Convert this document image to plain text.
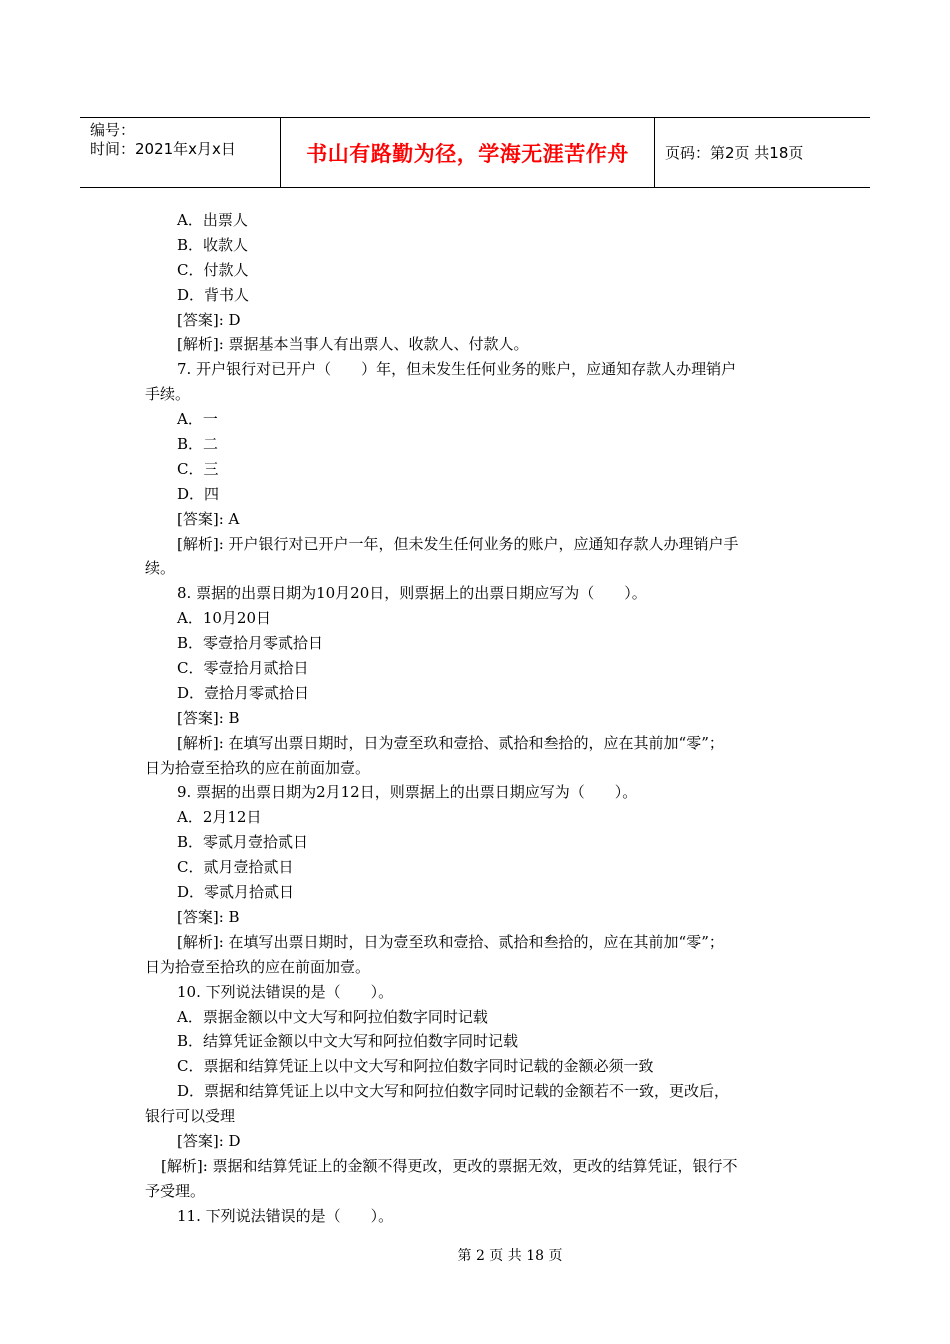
编号：
时间：2021年x月x日	书山有路勤为径，学海无涯苦作舟	页码：第2页 共18页
A．出票人
B．收款人
C．付款人
D．背书人
[答案]: D
[解析]: 票据基本当事人有出票人、收款人、付款人。
7. 开户银行对已开户（　　）年，但未发生任何业务的账户，应通知存款人办理销户
手续。
A．一
B．二
C．三
D．四
[答案]: A
[解析]: 开户银行对已开户一年，但未发生任何业务的账户，应通知存款人办理销户手
续。
8. 票据的出票日期为10月20日，则票据上的出票日期应写为（　　）。
A．10月20日
B．零壹拾月零贰拾日
C．零壹拾月贰拾日
D．壹拾月零贰拾日
[答案]: B
[解析]: 在填写出票日期时，日为壹至玖和壹拾、贰拾和叁拾的，应在其前加“零”；
日为拾壹至拾玖的应在前面加壹。
9. 票据的出票日期为2月12日，则票据上的出票日期应写为（　　）。
A．2月12日
B．零贰月壹拾贰日
C．贰月壹拾贰日
D．零贰月拾贰日
[答案]: B
[解析]: 在填写出票日期时，日为壹至玖和壹拾、贰拾和叁拾的，应在其前加“零”；
日为拾壹至拾玖的应在前面加壹。
10. 下列说法错误的是（　　）。
A．票据金额以中文大写和阿拉伯数字同时记载
B．结算凭证金额以中文大写和阿拉伯数字同时记载
C．票据和结算凭证上以中文大写和阿拉伯数字同时记载的金额必须一致
D．票据和结算凭证上以中文大写和阿拉伯数字同时记载的金额若不一致，更改后，
银行可以受理
[答案]: D
[解析]: 票据和结算凭证上的金额不得更改，更改的票据无效，更改的结算凭证，银行不
予受理。
11. 下列说法错误的是（　　）。
第 2 页 共 18 页
